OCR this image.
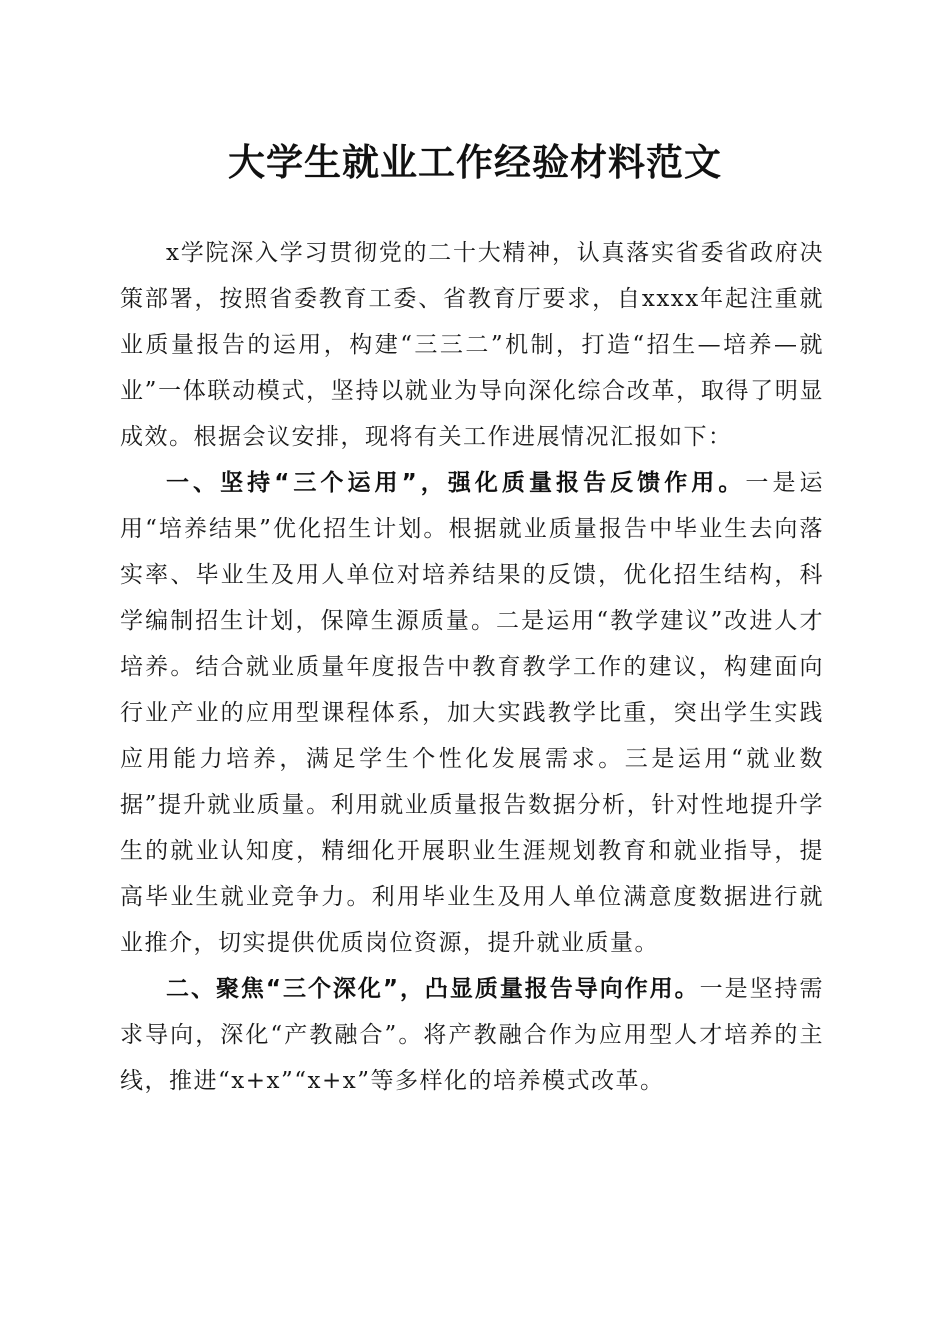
大学生就业工作经验材料范文

x学院深入学习贯彻党的二十大精神，认真落实省委省政府决策部署，按照省委教育工委、省教育厅要求，自xxxx年起注重就业质量报告的运用，构建“三三二”机制，打造“招生—培养—就业”一体联动模式，坚持以就业为导向深化综合改革，取得了明显成效。根据会议安排，现将有关工作进展情况汇报如下：

一、坚持“三个运用”，强化质量报告反馈作用。一是运用“培养结果”优化招生计划。根据就业质量报告中毕业生去向落实率、毕业生及用人单位对培养结果的反馈，优化招生结构，科学编制招生计划，保障生源质量。二是运用“教学建议”改进人才培养。结合就业质量年度报告中教育教学工作的建议，构建面向行业产业的应用型课程体系，加大实践教学比重，突出学生实践应用能力培养，满足学生个性化发展需求。三是运用“就业数据”提升就业质量。利用就业质量报告数据分析，针对性地提升学生的就业认知度，精细化开展职业生涯规划教育和就业指导，提高毕业生就业竞争力。利用毕业生及用人单位满意度数据进行就业推介，切实提供优质岗位资源，提升就业质量。

二、聚焦“三个深化”，凸显质量报告导向作用。一是坚持需求导向，深化“产教融合”。将产教融合作为应用型人才培养的主线，推进“x+x”“x+x”等多样化的培养模式改革。
